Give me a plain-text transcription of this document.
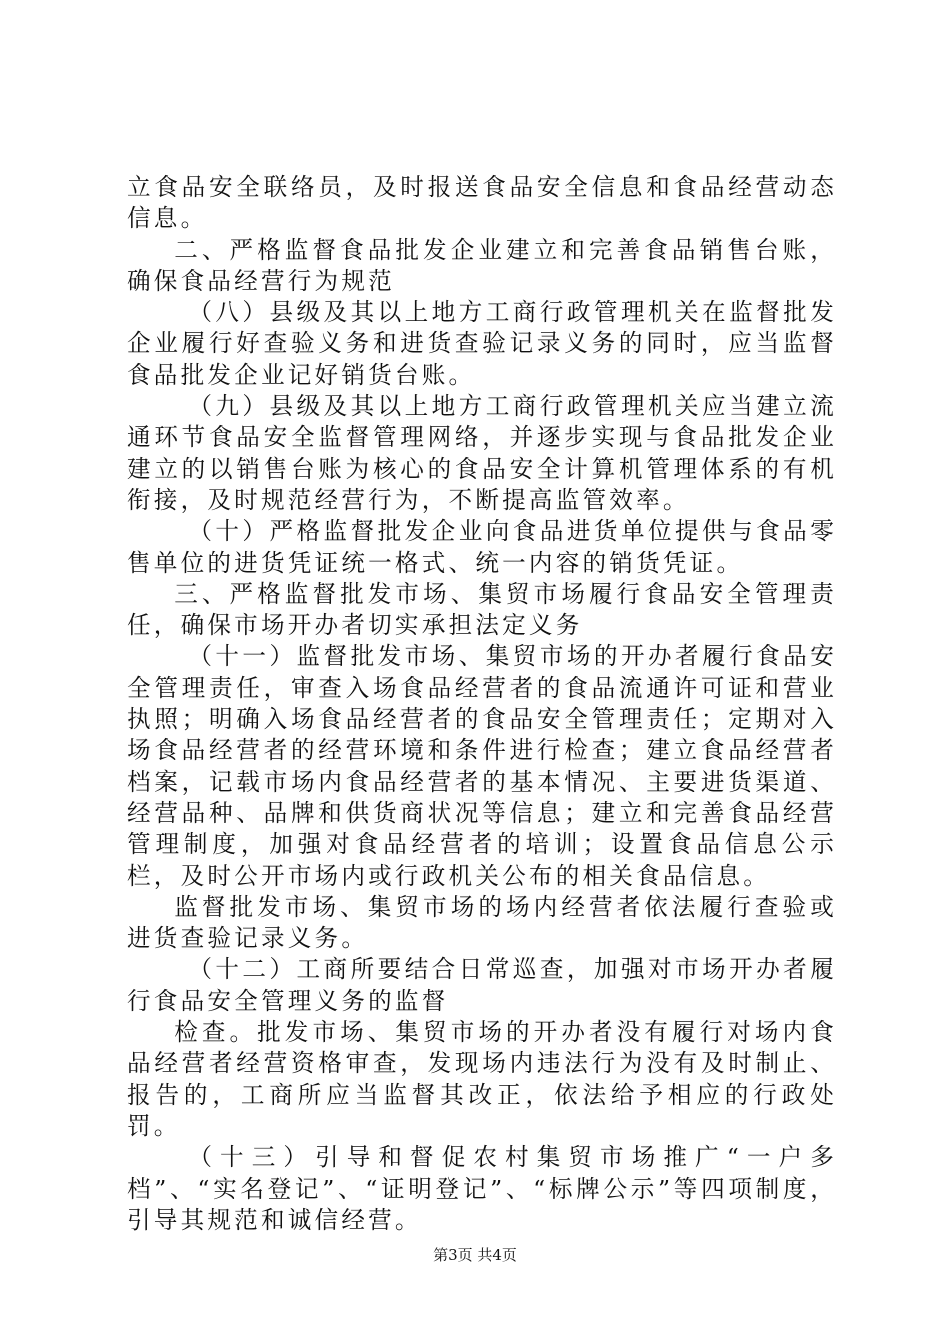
立食品安全联络员，及时报送食品安全信息和食品经营动态信息。

二、严格监督食品批发企业建立和完善食品销售台账，确保食品经营行为规范

（八）县级及其以上地方工商行政管理机关在监督批发企业履行好查验义务和进货查验记录义务的同时，应当监督食品批发企业记好销货台账。

（九）县级及其以上地方工商行政管理机关应当建立流通环节食品安全监督管理网络，并逐步实现与食品批发企业建立的以销售台账为核心的食品安全计算机管理体系的有机衔接，及时规范经营行为，不断提高监管效率。

（十）严格监督批发企业向食品进货单位提供与食品零售单位的进货凭证统一格式、统一内容的销货凭证。

三、严格监督批发市场、集贸市场履行食品安全管理责任，确保市场开办者切实承担法定义务

（十一）监督批发市场、集贸市场的开办者履行食品安全管理责任，审查入场食品经营者的食品流通许可证和营业执照；明确入场食品经营者的食品安全管理责任；定期对入场食品经营者的经营环境和条件进行检查；建立食品经营者档案，记载市场内食品经营者的基本情况、主要进货渠道、经营品种、品牌和供货商状况等信息；建立和完善食品经营管理制度，加强对食品经营者的培训；设置食品信息公示栏，及时公开市场内或行政机关公布的相关食品信息。

监督批发市场、集贸市场的场内经营者依法履行查验或进货查验记录义务。

（十二）工商所要结合日常巡查，加强对市场开办者履行食品安全管理义务的监督

检查。批发市场、集贸市场的开办者没有履行对场内食品经营者经营资格审查，发现场内违法行为没有及时制止、报告的，工商所应当监督其改正，依法给予相应的行政处罚。

（十三）引导和督促农村集贸市场推广“一户多档”、“实名登记”、“证明登记”、“标牌公示”等四项制度，引导其规范和诚信经营。

第3页 共4页
